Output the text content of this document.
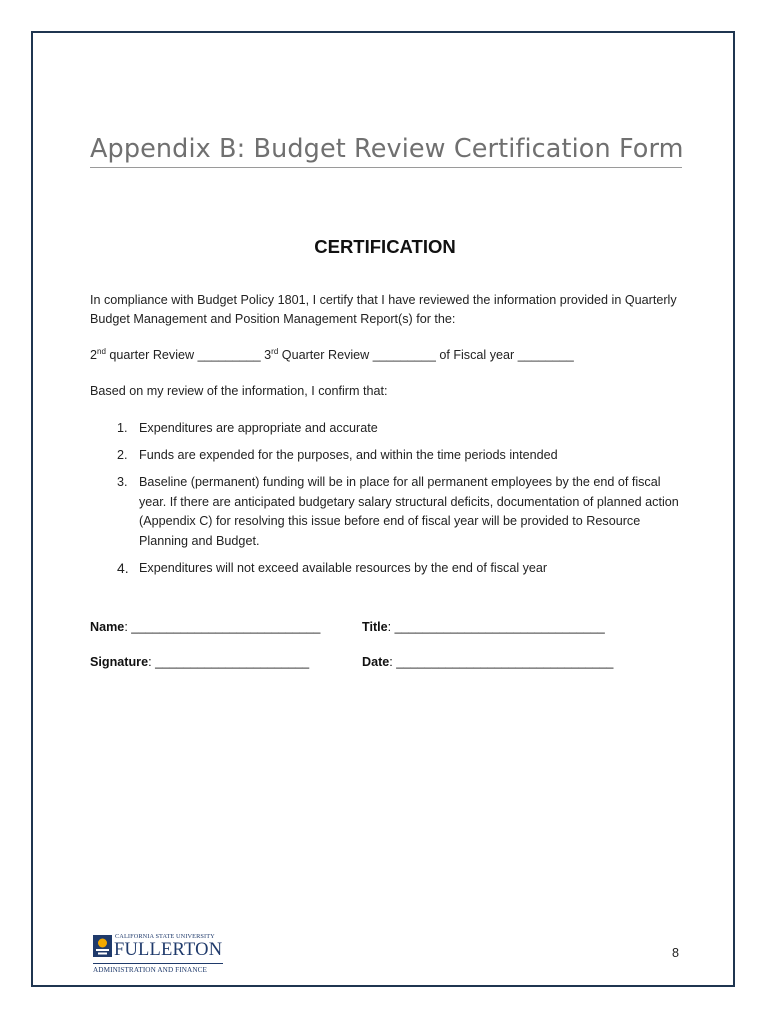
Appendix B: Budget Review Certification Form
CERTIFICATION
In compliance with Budget Policy 1801, I certify that I have reviewed the information provided in Quarterly Budget Management and Position Management Report(s) for the:
2nd quarter Review _________ 3rd Quarter Review _________ of Fiscal year ________
Based on my review of the information, I confirm that:
1. Expenditures are appropriate and accurate
2. Funds are expended for the purposes, and within the time periods intended
3. Baseline (permanent) funding will be in place for all permanent employees by the end of fiscal year. If there are anticipated budgetary salary structural deficits, documentation of planned action (Appendix C) for resolving this issue before end of fiscal year will be provided to Resource Planning and Budget.
4. Expenditures will not exceed available resources by the end of fiscal year
Name: ___________________________	Title: ______________________________
Signature: ______________________	Date: _______________________________
CALIFORNIA STATE UNIVERSITY
FULLERTON
ADMINISTRATION AND FINANCE
8
